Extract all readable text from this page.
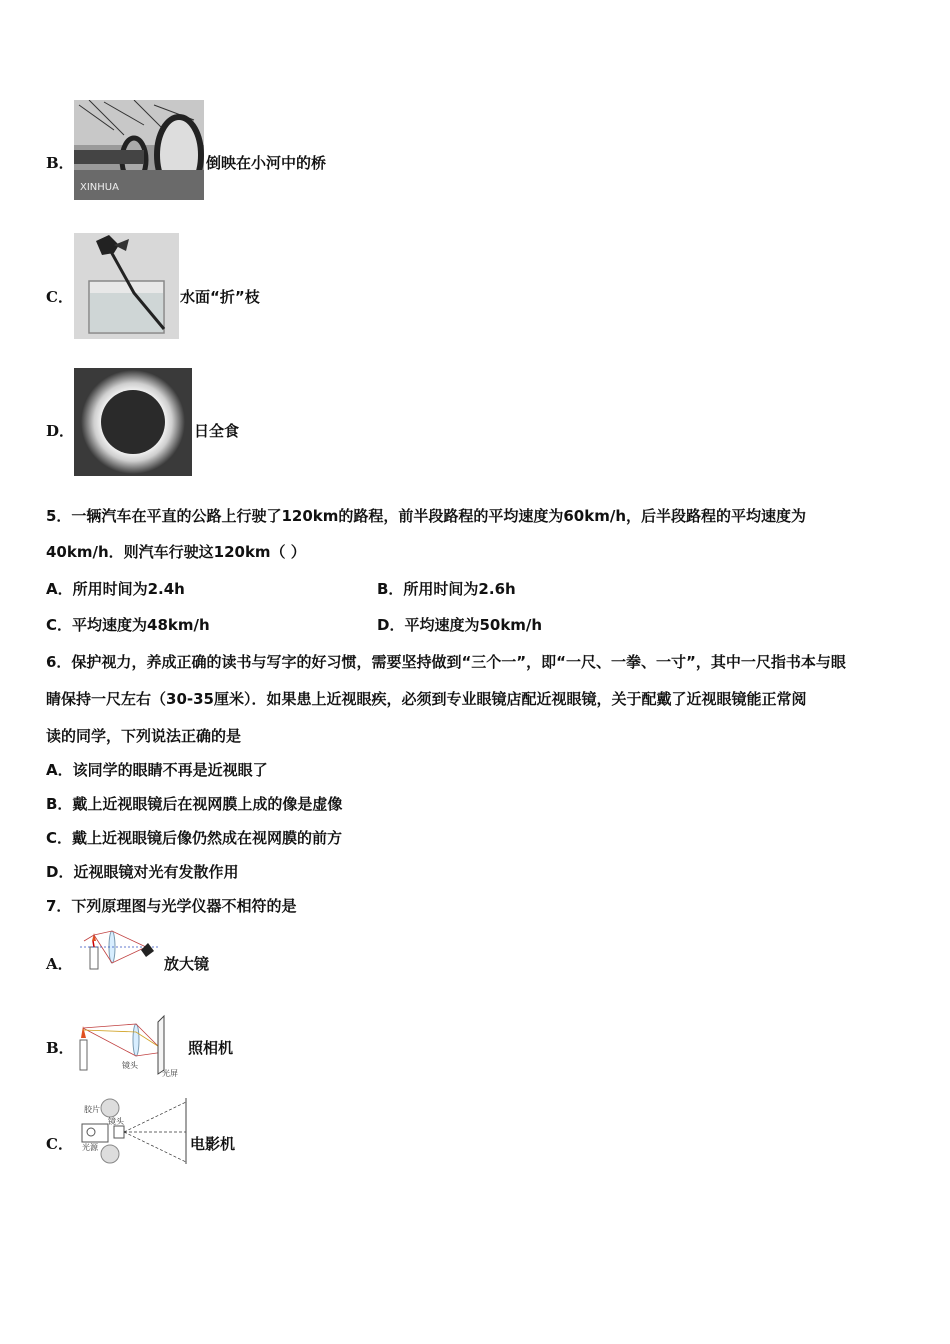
B．
XINHUA
倒映在小河中的桥
C．	水面“折”枝
D．	日全食
5．一辆汽车在平直的公路上行驶了120km的路程，前半段路程的平均速度为60km/h，后半段路程的平均速度为
40km/h．则汽车行驶这120km（ ）
A．所用时间为2.4h	B．所用时间为2.6h
C．平均速度为48km/h	D．平均速度为50km/h
6．保护视力，养成正确的读书与写字的好习惯，需要坚持做到“三个一”，即“一尺、一拳、一寸”，其中一尺指书本与眼
睛保持一尺左右（30-35厘米）．如果患上近视眼疾，必须到专业眼镜店配近视眼镜，关于配戴了近视眼镜能正常阅
读的同学，下列说法正确的是
A．该同学的眼睛不再是近视眼了
B．戴上近视眼镜后在视网膜上成的像是虚像
C．戴上近视眼镜后像仍然成在视网膜的前方
D．近视眼镜对光有发散作用
7．下列原理图与光学仪器不相符的是
A．	放大镜
B．
镜头
光屏
照相机
C．
胶片
镜头
光源	电影机
